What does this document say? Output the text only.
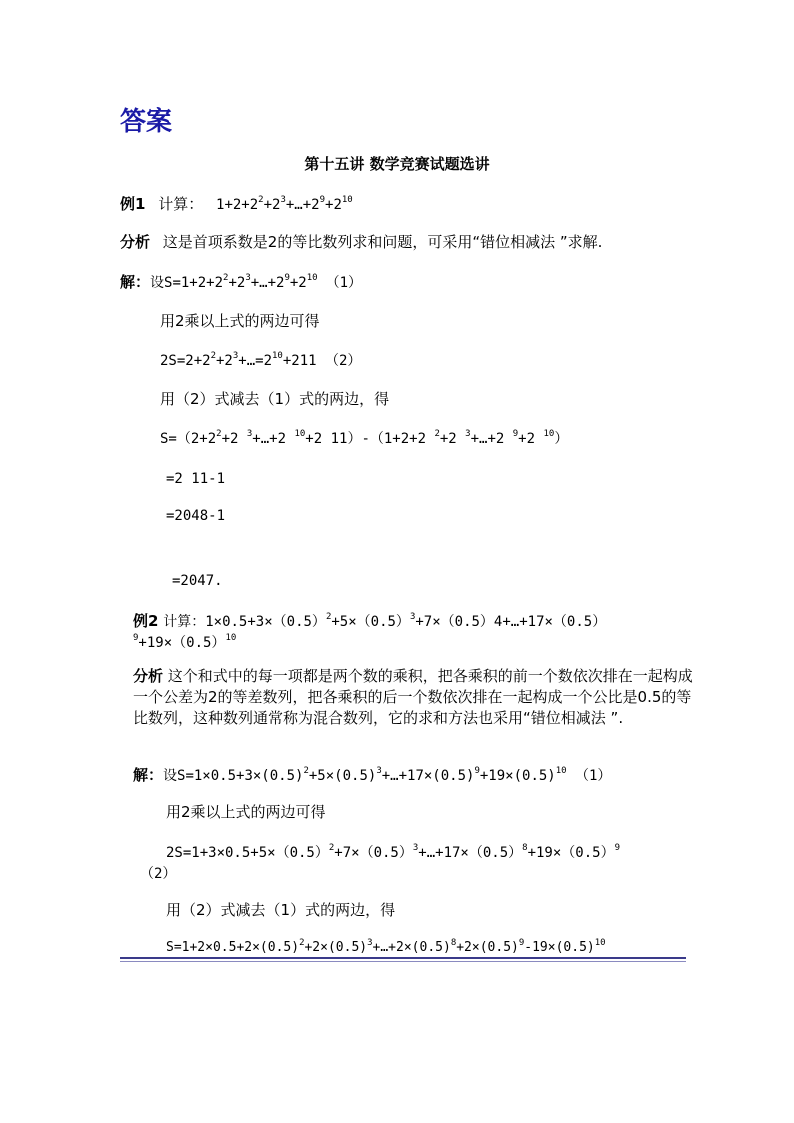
答案
第十五讲 数学竞赛试题选讲
例1 计算： $1+2+2^2+2^3+\dots+2^9+2^{10}$
分析 这是首项系数是2的等比数列求和问题，可采用“错位相减法 ”求解.
解：设$S=1+2+2^2+2^3+\dots+2^9+2^{10}$ （1）
用2乘以上式的两边可得
$2S=2+2^2+2^3+\dots=2^{10}+211$ （2）
用（2）式减去（1）式的两边，得
$S=(2+2^2+2$ $^3$+…+2 $^{10}$+2 11）-（1+2+2 $^2$+2 $^3$+…+2 $^9$+2 $^{10}$）
=2 11-1
=2048-1
=2047.
例2 计算：$1\times 0.5+3\times(0.5)^2+5\times(0.5)^3+7\times(0.5)4+\dots+17\times(0.5)^9+19\times(0.5)^{10}$
分析 这个和式中的每一项都是两个数的乘积，把各乘积的前一个数依次排在一起构成一个公差为2的等差数列，把各乘积的后一个数依次排在一起构成一个公比是0.5的等比数列，这种数列通常称为混合数列，它的求和方法也采用“错位相减法 ”.
解：设$S=1\times 0.5+3\times(0.5)^2+5\times(0.5)^3+\dots+17\times(0.5)^9+19\times(0.5)^{10}$ （1）
用2乘以上式的两边可得
$2S=1+3\times 0.5+5\times(0.5)^2+7\times(0.5)^3+\dots+17\times(0.5)^8+19\times(0.5)^9$
（2）
用（2）式减去（1）式的两边，得
$S=1+2\times 0.5+2\times(0.5)^2+2\times(0.5)^3+\dots+2\times(0.5)^8+2\times(0.5)^9-19\times(0.5)^{10}$
